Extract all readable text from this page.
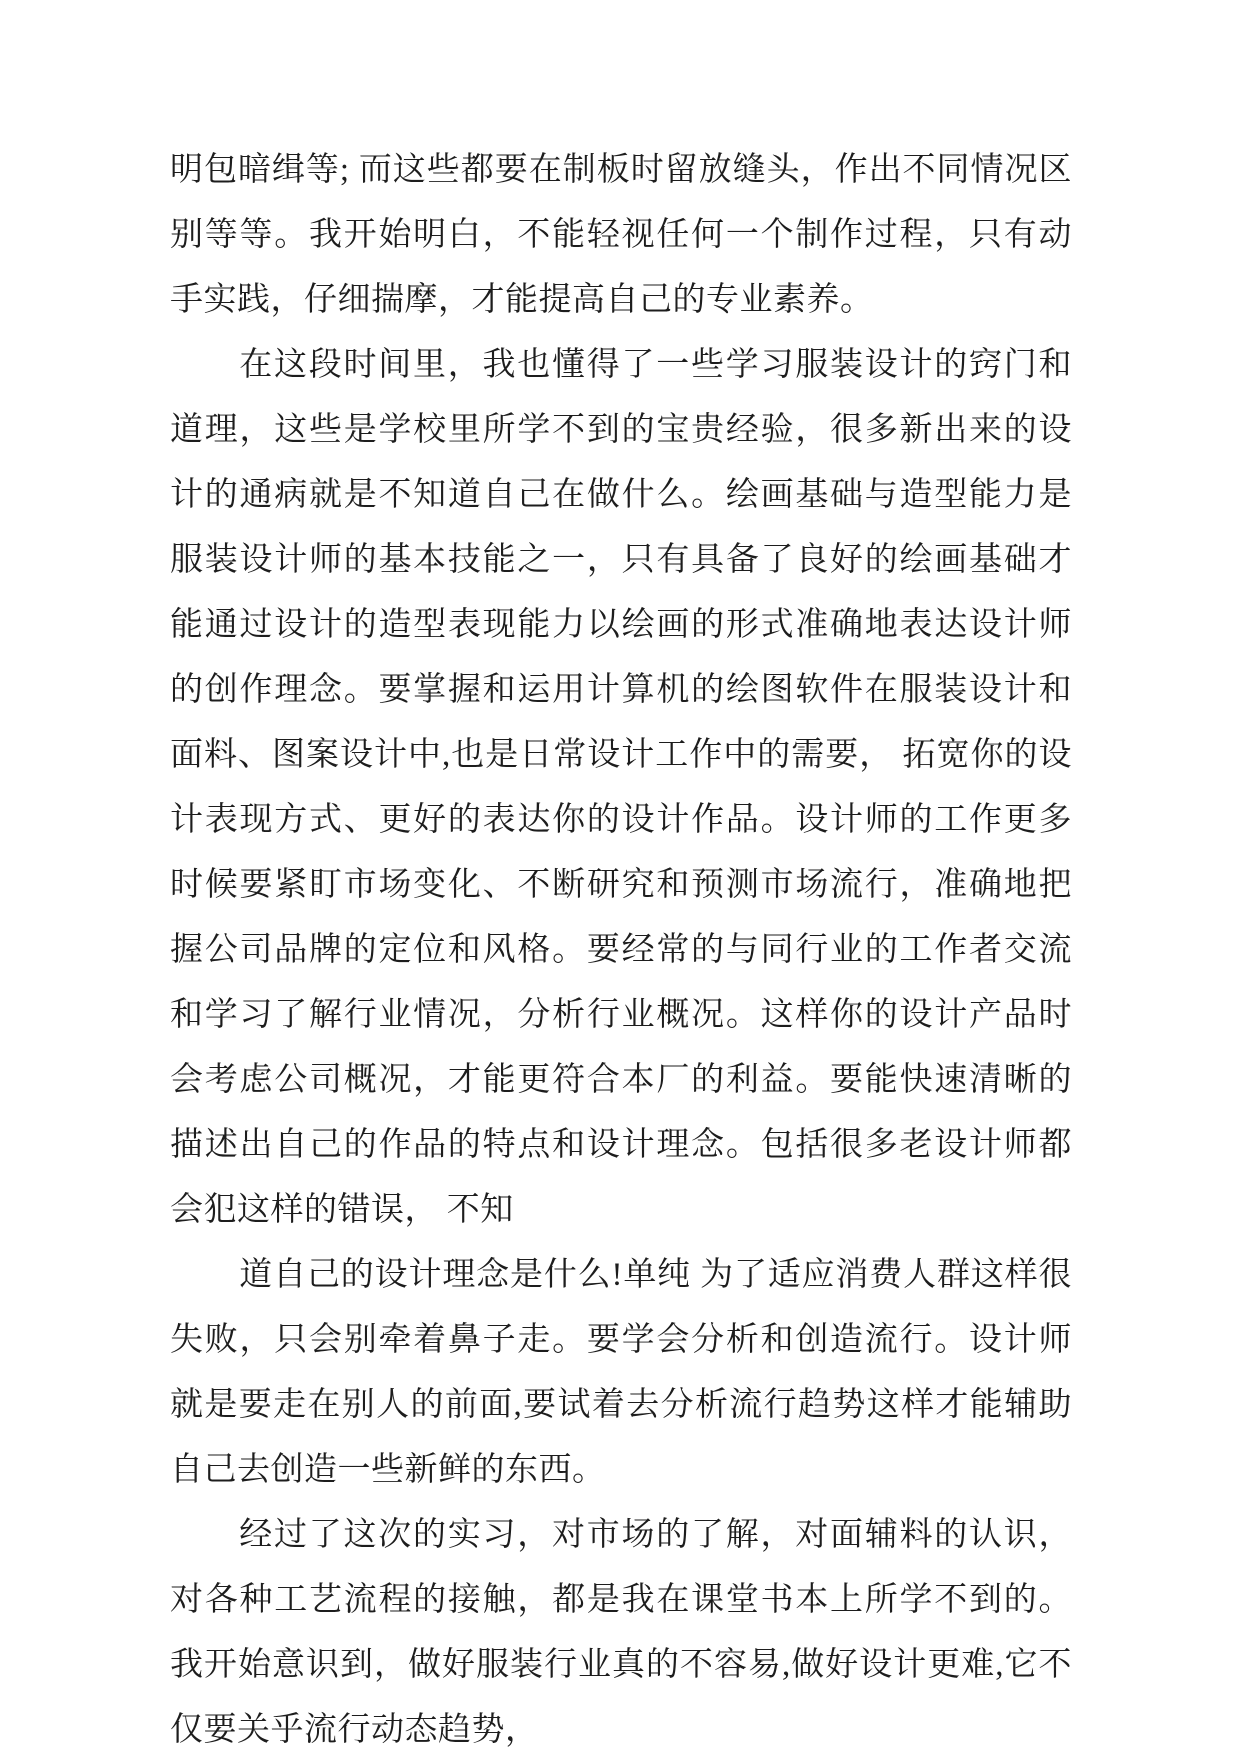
明包暗缉等; 而这些都要在制板时留放缝头，作出不同情况区别等等。我开始明白，不能轻视任何一个制作过程，只有动手实践，仔细揣摩，才能提高自己的专业素养。

在这段时间里，我也懂得了一些学习服装设计的窍门和道理，这些是学校里所学不到的宝贵经验，很多新出来的设计的通病就是不知道自己在做什么。绘画基础与造型能力是服装设计师的基本技能之一，只有具备了良好的绘画基础才能通过设计的造型表现能力以绘画的形式准确地表达设计师的创作理念。要掌握和运用计算机的绘图软件在服装设计和面料、图案设计中,也是日常设计工作中的需要， 拓宽你的设计表现方式、更好的表达你的设计作品。设计师的工作更多时候要紧盯市场变化、不断研究和预测市场流行，准确地把握公司品牌的定位和风格。要经常的与同行业的工作者交流和学习了解行业情况，分析行业概况。这样你的设计产品时会考虑公司概况，才能更符合本厂的利益。要能快速清晰的描述出自己的作品的特点和设计理念。包括很多老设计师都会犯这样的错误， 不知

道自己的设计理念是什么!单纯 为了适应消费人群这样很失败，只会别牵着鼻子走。要学会分析和创造流行。设计师就是要走在别人的前面,要试着去分析流行趋势这样才能辅助自己去创造一些新鲜的东西。

经过了这次的实习，对市场的了解，对面辅料的认识，对各种工艺流程的接触，都是我在课堂书本上所学不到的。我开始意识到，做好服装行业真的不容易,做好设计更难,它不仅要关乎流行动态趋势，
